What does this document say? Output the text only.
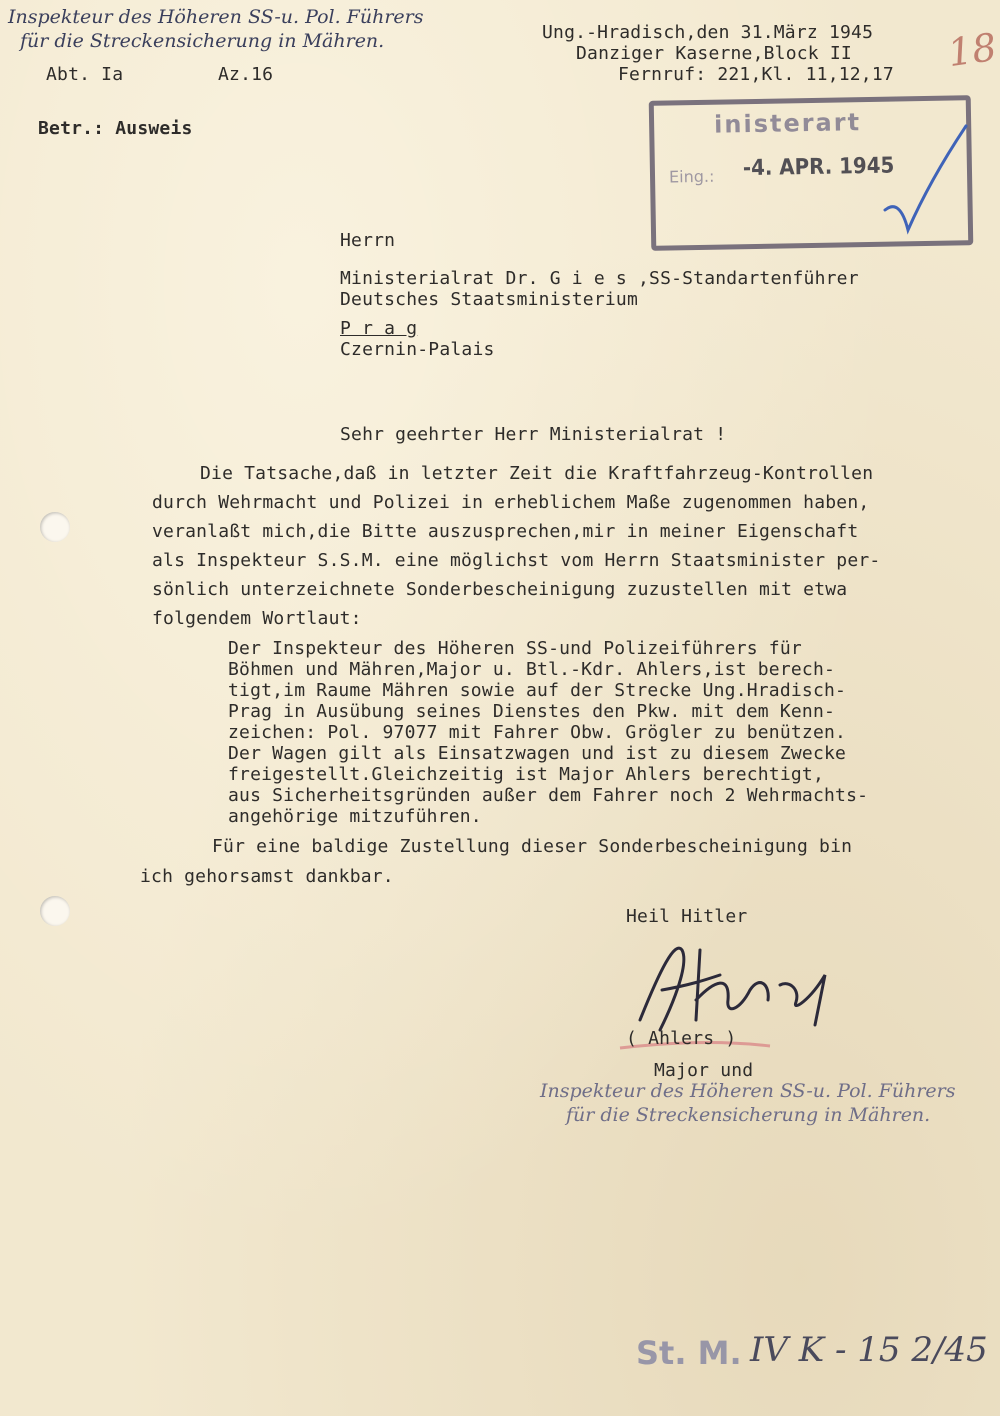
Inspekteur des Höheren SS-u. Pol. Führers
für die Streckensicherung in Mähren.
Abt. Ia	Az.16
Ung.-Hradisch,den 31.März 1945
Danziger Kaserne,Block II
Fernruf: 221,Kl. 11,12,17 18
Betr.: Ausweis	inisterart
Eing.: -4. APR. 1945
Herrn
Ministerialrat Dr. G i e s ,SS-Standartenführer
Deutsches Staatsministerium
P r a g
Czernin-Palais
Sehr geehrter Herr Ministerialrat !
Die Tatsache,daß in letzter Zeit die Kraftfahrzeug-Kontrollen
durch Wehrmacht und Polizei in erheblichem Maße zugenommen haben,
veranlaßt mich,die Bitte auszusprechen,mir in meiner Eigenschaft
als Inspekteur S.S.M. eine möglichst vom Herrn Staatsminister per-
sönlich unterzeichnete Sonderbescheinigung zuzustellen mit etwa
folgendem Wortlaut:
Der Inspekteur des Höheren SS-und Polizeiführers für
Böhmen und Mähren,Major u. Btl.-Kdr. Ahlers,ist berech-
tigt,im Raume Mähren sowie auf der Strecke Ung.Hradisch-
Prag in Ausübung seines Dienstes den Pkw. mit dem Kenn-
zeichen: Pol. 97077 mit Fahrer Obw. Grögler zu benützen.
Der Wagen gilt als Einsatzwagen und ist zu diesem Zwecke
freigestellt.Gleichzeitig ist Major Ahlers berechtigt,
aus Sicherheitsgründen außer dem Fahrer noch 2 Wehrmachts-
angehörige mitzuführen.
Für eine baldige Zustellung dieser Sonderbescheinigung bin
ich gehorsamst dankbar.
Heil Hitler
( Ahlers )
Major und
Inspekteur des Höheren SS-u. Pol. Führers
für die Streckensicherung in Mähren.
St. M. IV K - 15 2/45
